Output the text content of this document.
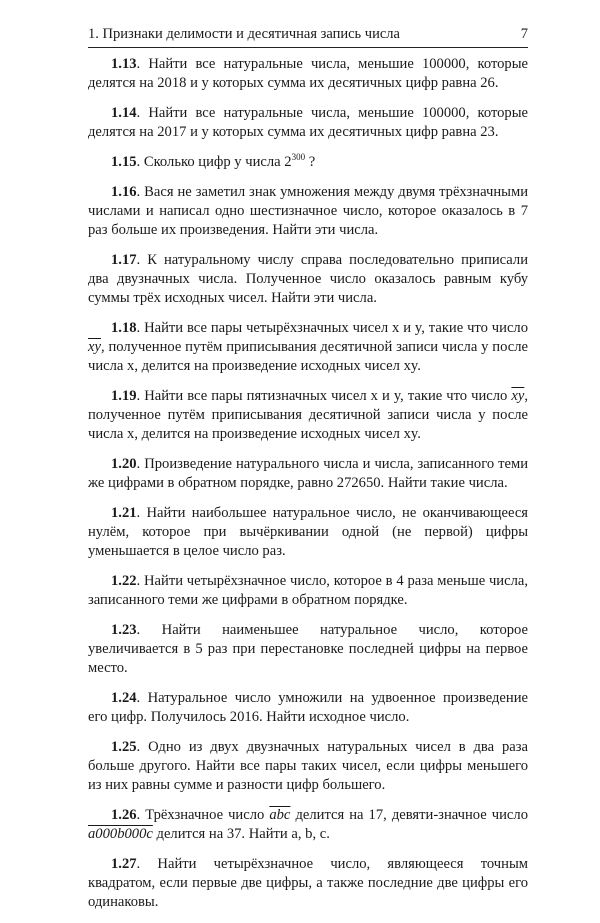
1. Признаки делимости и десятичная запись числа	7

1.13. Найти все натуральные числа, меньшие 100000, которые делятся на 2018 и у которых сумма их десятичных цифр равна 26.

1.14. Найти все натуральные числа, меньшие 100000, которые делятся на 2017 и у которых сумма их десятичных цифр равна 23.

1.15. Сколько цифр у числа $2^{300}$ ?

1.16. Вася не заметил знак умножения между двумя трёхзначными числами и написал одно шестизначное число, которое оказалось в 7 раз больше их произведения. Найти эти числа.

1.17. К натуральному числу справа последовательно приписали два двузначных числа. Полученное число оказалось равным кубу суммы трёх исходных чисел. Найти эти числа.

1.18. Найти все пары четырёхзначных чисел x и y, такие что число $\overline{xy}$, полученное путём приписывания десятичной записи числа y после числа x, делится на произведение исходных чисел xy.

1.19. Найти все пары пятизначных чисел x и y, такие что число $\overline{xy}$, полученное путём приписывания десятичной записи числа y после числа x, делится на произведение исходных чисел xy.

1.20. Произведение натурального числа и числа, записанного теми же цифрами в обратном порядке, равно 272650. Найти такие числа.

1.21. Найти наибольшее натуральное число, не оканчивающееся нулём, которое при вычёркивании одной (не первой) цифры уменьшается в целое число раз.

1.22. Найти четырёхзначное число, которое в 4 раза меньше числа, записанного теми же цифрами в обратном порядке.

1.23. Найти наименьшее натуральное число, которое увеличивается в 5 раз при перестановке последней цифры на первое место.

1.24. Натуральное число умножили на удвоенное произведение его цифр. Получилось 2016. Найти исходное число.

1.25. Одно из двух двузначных натуральных чисел в два раза больше другого. Найти все пары таких чисел, если цифры меньшего из них равны сумме и разности цифр большего.

1.26. Трёхзначное число $\overline{abc}$ делится на 17, девяти-значное число a000b000c делится на 37. Найти a, b, c.

1.27. Найти четырёхзначное число, являющееся точным квадратом, если первые две цифры, а также последние две цифры его одинаковы.
